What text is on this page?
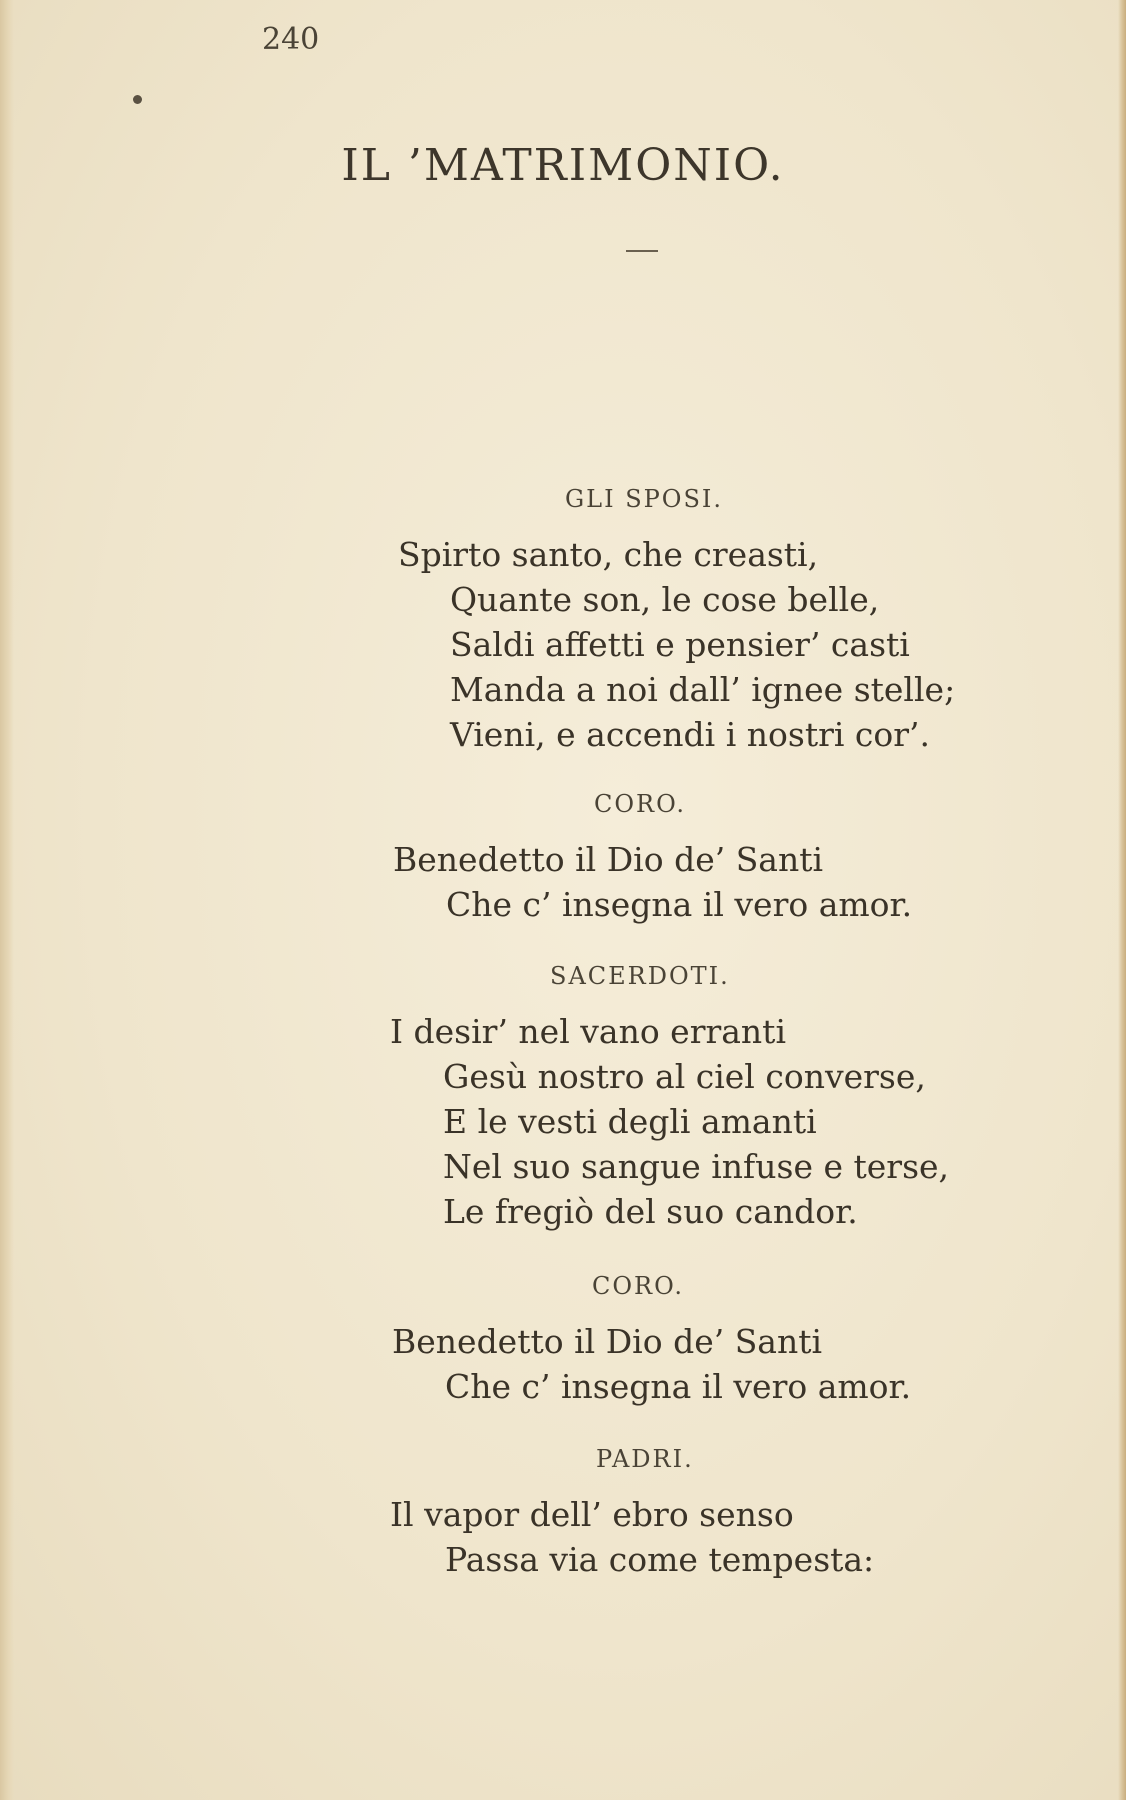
240
IL ’MATRIMONIO.
GLI SPOSI.
Spirto santo, che creasti,
Quante son, le cose belle,
Saldi affetti e pensier’ casti
Manda a noi dall’ ignee stelle;
Vieni, e accendi i nostri cor’.
CORO.
Benedetto il Dio de’ Santi
Che c’ insegna il vero amor.
SACERDOTI.
I desir’ nel vano erranti
Gesù nostro al ciel converse,
E le vesti degli amanti
Nel suo sangue infuse e terse,
Le fregiò del suo candor.
CORO.
Benedetto il Dio de’ Santi
Che c’ insegna il vero amor.
PADRI.
Il vapor dell’ ebro senso
Passa via come tempesta:
